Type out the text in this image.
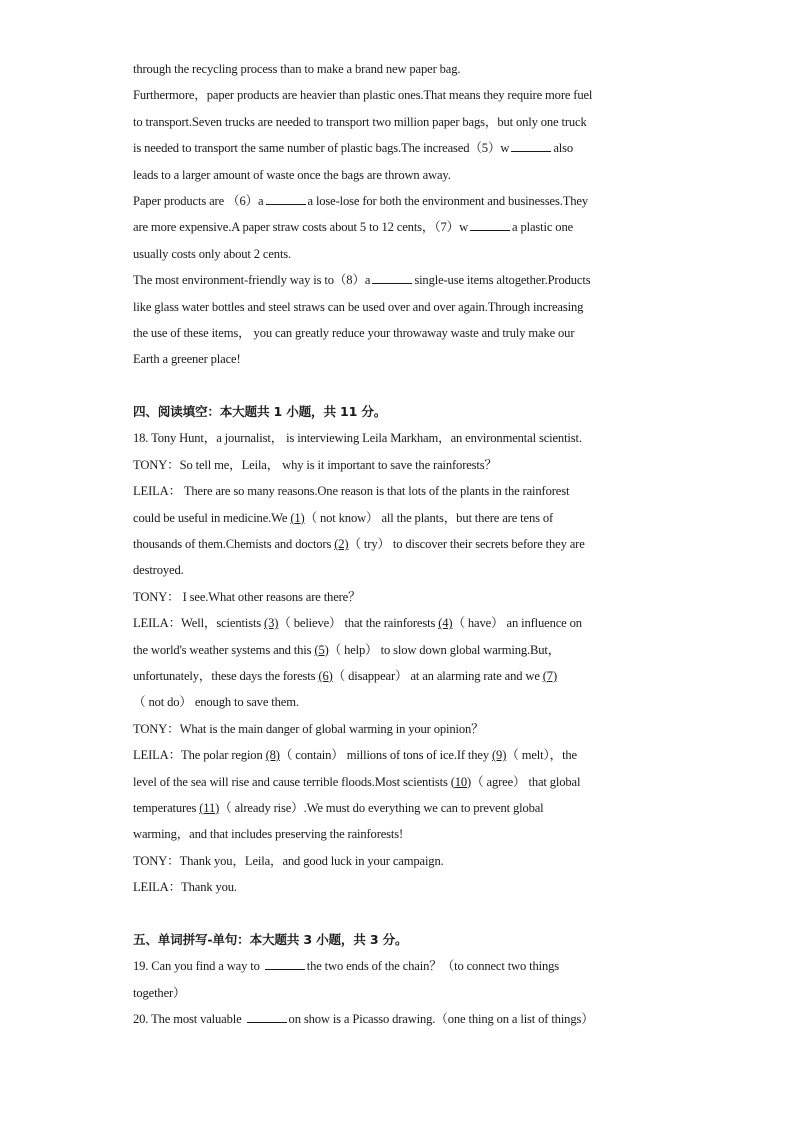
through the recycling process than to make a brand new paper bag.
Furthermore，paper products are heavier than plastic ones.That means they require more fuel
to transport.Seven trucks are needed to transport two million paper bags，but only one truck
is needed to transport the same number of plastic bags.The increased（5）w	also
leads to a larger amount of waste once the bags are thrown away.
Paper products are （6）a	a lose-lose for both the environment and businesses.They
are more expensive.A paper straw costs about 5 to 12 cents，（7）w	a plastic one
usually costs only about 2 cents.
The most environment-friendly way is to（8）a	single-use items altogether.Products
like glass water bottles and steel straws can be used over and over again.Through increasing
the use of these items， you can greatly reduce your throwaway waste and truly make our
Earth a greener place!
四、阅读填空：本大题共 1 小题，共 11 分。
18. Tony Hunt，a journalist， is interviewing Leila Markham，an environmental scientist.
TONY：So tell me，Leila， why is it important to save the rainforests？
LEILA： There are so many reasons.One reason is that lots of the plants in the rainforest
could be useful in medicine.We (1)（ not know） all the plants，but there are tens of
thousands of them.Chemists and doctors (2)（ try） to discover their secrets before they are
destroyed.
TONY： I see.What other reasons are there？
LEILA：Well，scientists (3)（ believe） that the rainforests (4)（ have） an influence on
the world's weather systems and this (5)（ help） to slow down global warming.But，
unfortunately，these days the forests (6)（ disappear） at an alarming rate and we (7)
（ not do） enough to save them.
TONY：What is the main danger of global warming in your opinion？
LEILA：The polar region (8)（ contain） millions of tons of ice.If they (9)（ melt），the
level of the sea will rise and cause terrible floods.Most scientists (10)（ agree） that global
temperatures (11)（ already rise）.We must do everything we can to prevent global
warming，and that includes preserving the rainforests!
TONY：Thank you，Leila，and good luck in your campaign.
LEILA：Thank you.
五、单词拼写-单句：本大题共 3 小题，共 3 分。
19. Can you find a way to	the two ends of the chain？（to connect two things
together）
20. The most valuable	on show is a Picasso drawing.（one thing on a list of things）
